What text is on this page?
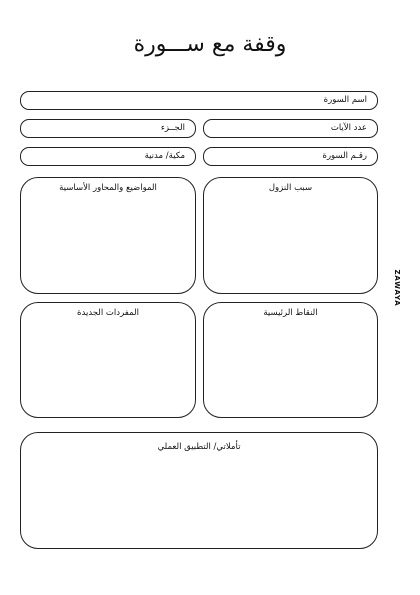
وقفة مع ســـورة
اسم السورة
عدد الآيات
الجــزء
رقـم السورة
مكية/ مدنية
سبب النزول
المواضيع والمحاور الأساسية
النقاط الرئيسية
المفردات الجديدة
تأملاتي/ التطبيق العملي
ZAWAYA
